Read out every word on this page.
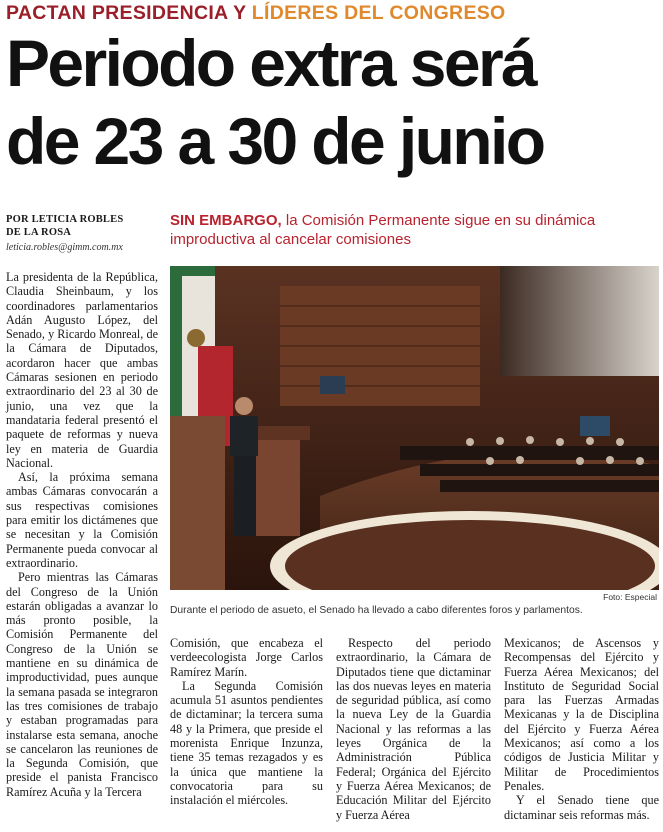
PACTAN PRESIDENCIA Y LÍDERES DEL CONGRESO
Periodo extra será
de 23 a 30 de junio
POR LETICIA ROBLES
DE LA ROSA
leticia.robles@gimm.com.mx
SIN EMBARGO, la Comisión Permanente sigue en su dinámica improductiva al cancelar comisiones
Foto: Especial
Durante el periodo de asueto, el Senado ha llevado a cabo diferentes foros y parlamentos.

La presidenta de la República, Claudia Sheinbaum, y los coordinadores parlamentarios Adán Augusto López, del Senado, y Ricardo Monreal, de la Cámara de Diputados, acordaron hacer que ambas Cámaras sesionen en periodo extraordinario del 23 al 30 de junio, una vez que la mandataria federal presentó el paquete de reformas y nueva ley en materia de Guardia Nacional.

Así, la próxima semana ambas Cámaras convocarán a sus respectivas comisiones para emitir los dictámenes que se necesitan y la Comisión Permanente pueda convocar al extraordinario.

Pero mientras las Cámaras del Congreso de la Unión estarán obligadas a avanzar lo más pronto posible, la Comisión Permanente del Congreso de la Unión se mantiene en su dinámica de improductividad, pues aunque la semana pasada se integraron las tres comisiones de trabajo y estaban programadas para instalarse esta semana, anoche se cancelaron las reuniones de la Segunda Comisión, que preside el panista Francisco Ramírez Acuña y la Tercera

Comisión, que encabeza el verdeecologista Jorge Carlos Ramírez Marín.

La Segunda Comisión acumula 51 asuntos pendientes de dictaminar; la tercera suma 48 y la Primera, que preside el morenista Enrique Inzunza, tiene 35 temas rezagados y es la única que mantiene la convocatoria para su instalación el miércoles.

Respecto del periodo extraordinario, la Cámara de Diputados tiene que dictaminar las dos nuevas leyes en materia de seguridad pública, así como la nueva Ley de la Guardia Nacional y las reformas a las leyes Orgánica de la Administración Pública Federal; Orgánica del Ejército y Fuerza Aérea Mexicanos; de Educación Militar del Ejército y Fuerza Aérea

Mexicanos; de Ascensos y Recompensas del Ejército y Fuerza Aérea Mexicanos; del Instituto de Seguridad Social para las Fuerzas Armadas Mexicanas y la de Disciplina del Ejército y Fuerza Aérea Mexicanos; así como a los códigos de Justicia Militar y Militar de Procedimientos Penales.

Y el Senado tiene que dictaminar seis reformas más.
